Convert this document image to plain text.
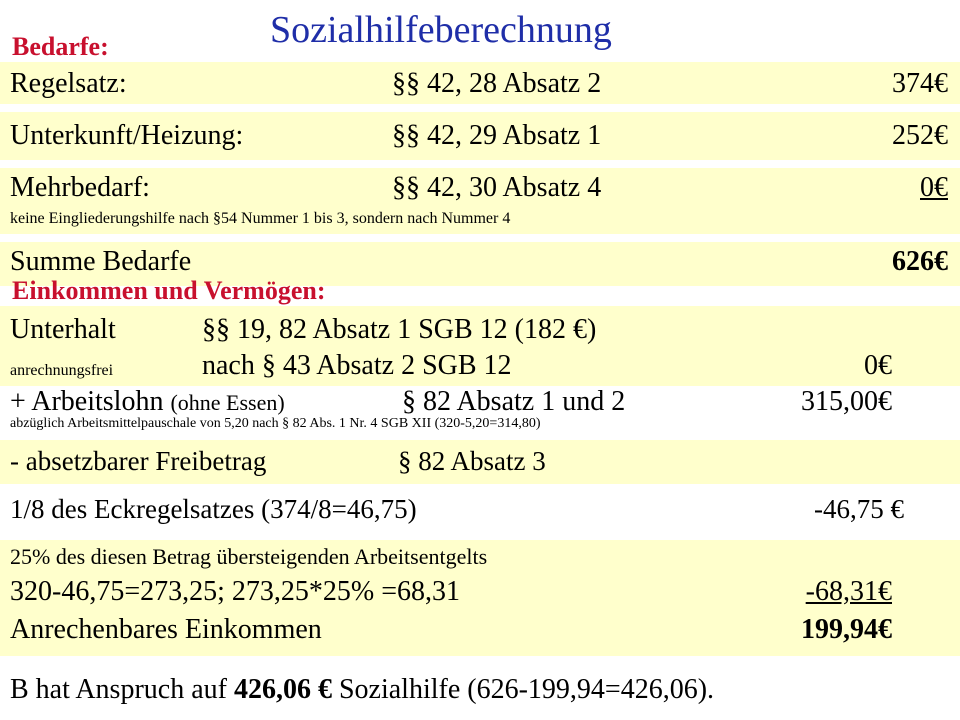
Sozialhilfeberechnung
Bedarfe:
Regelsatz:	§§ 42, 28 Absatz 2	374€
Unterkunft/Heizung:	§§ 42, 29 Absatz 1	252€
Mehrbedarf:	§§ 42, 30 Absatz 4	0€
keine Eingliederungshilfe nach §54 Nummer 1 bis 3, sondern nach Nummer 4
Summe Bedarfe	626€
Einkommen und Vermögen:
Unterhalt	§§ 19, 82 Absatz 1 SGB 12 (182 €)
anrechnungsfrei	nach § 43 Absatz 2 SGB 12	0€
+ Arbeitslohn (ohne Essen)	§ 82 Absatz 1 und 2	315,00€
abzüglich Arbeitsmittelpauschale von 5,20 nach § 82 Abs. 1 Nr. 4 SGB XII (320-5,20=314,80)
- absetzbarer Freibetrag	§ 82 Absatz 3
1/8 des Eckregelsatzes (374/8=46,75)	-46,75 €
25% des diesen Betrag übersteigenden Arbeitsentgelts
320-46,75=273,25; 273,25*25% =68,31	-68,31€
Anrechenbares Einkommen	199,94€
B hat Anspruch auf 426,06 € Sozialhilfe (626-199,94=426,06).
